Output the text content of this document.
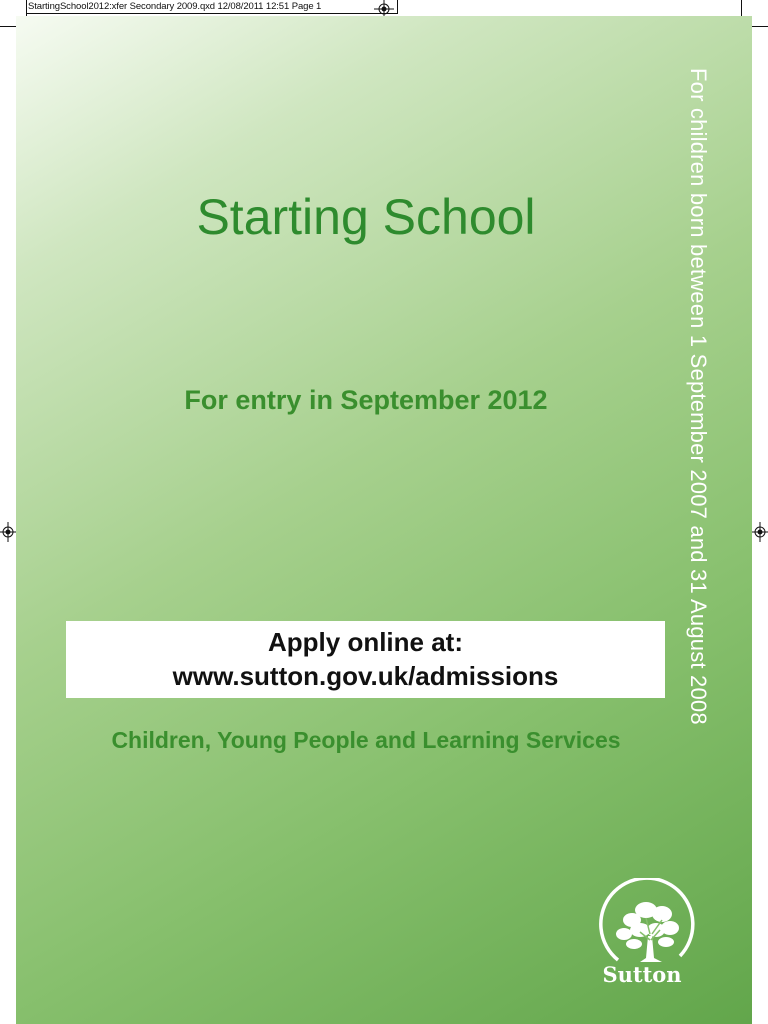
StartingSchool2012:xfer Secondary 2009.qxd 12/08/2011 12:51 Page 1
Starting School
For entry in September 2012
Apply online at:
www.sutton.gov.uk/admissions

Children, Young People and Learning Services

For children born between 1 September 2007 and 31 August 2008
Sutton
